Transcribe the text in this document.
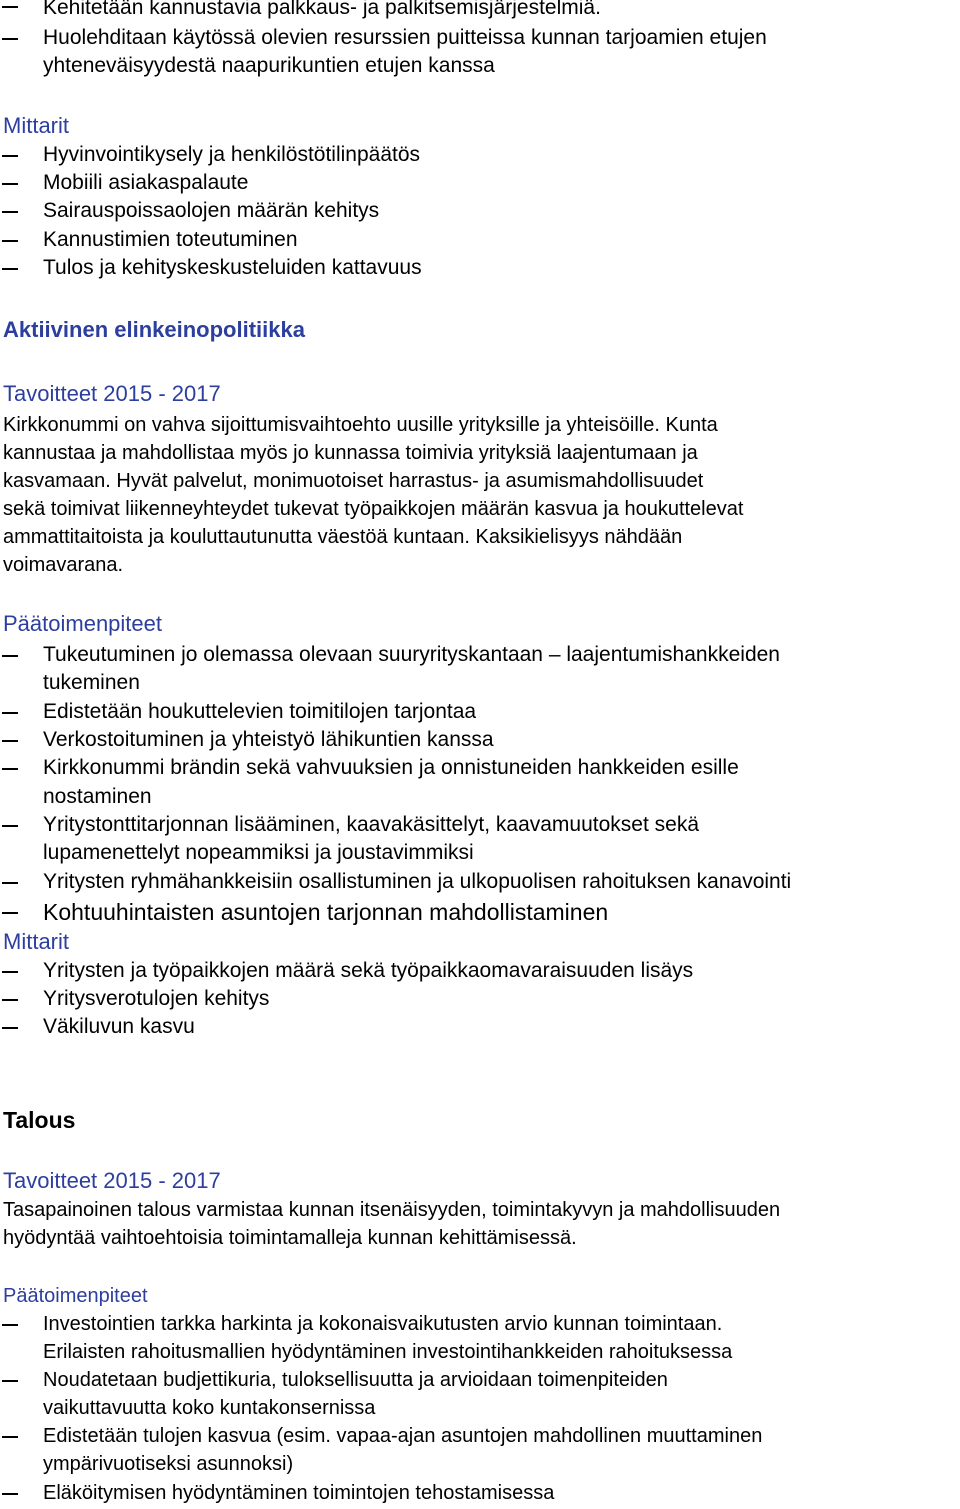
Kehitetään kannustavia palkkaus- ja palkitsemisjärjestelmiä.
Huolehditaan käytössä olevien resurssien puitteissa kunnan tarjoamien etujen
yhteneväisyydestä naapurikuntien etujen kanssa
Mittarit
Hyvinvointikysely ja henkilöstötilinpäätös
Mobiili asiakaspalaute
Sairauspoissaolojen määrän kehitys
Kannustimien toteutuminen
Tulos ja kehityskeskusteluiden kattavuus
Aktiivinen elinkeinopolitiikka
Tavoitteet 2015 - 2017
Kirkkonummi on vahva sijoittumisvaihtoehto uusille yrityksille ja yhteisöille. Kunta
kannustaa ja mahdollistaa myös jo kunnassa toimivia yrityksiä laajentumaan ja
kasvamaan. Hyvät palvelut, monimuotoiset harrastus- ja asumismahdollisuudet
sekä toimivat liikenneyhteydet tukevat työpaikkojen määrän kasvua ja houkuttelevat
ammattitaitoista ja kouluttautunutta väestöä kuntaan. Kaksikielisyys nähdään
voimavarana.
Päätoimenpiteet
Tukeutuminen jo olemassa olevaan suuryrityskantaan – laajentumishankkeiden
tukeminen
Edistetään houkuttelevien toimitilojen tarjontaa
Verkostoituminen ja yhteistyö lähikuntien kanssa
Kirkkonummi brändin sekä vahvuuksien ja onnistuneiden hankkeiden esille
nostaminen
Yritystonttitarjonnan lisääminen, kaavakäsittelyt, kaavamuutokset sekä
lupamenettelyt nopeammiksi ja joustavimmiksi
Yritysten ryhmähankkeisiin osallistuminen ja ulkopuolisen rahoituksen kanavointi
Kohtuuhintaisten asuntojen tarjonnan mahdollistaminen
Mittarit
Yritysten ja työpaikkojen määrä sekä työpaikkaomavaraisuuden lisäys
Yritysverotulojen kehitys
Väkiluvun kasvu
Talous
Tavoitteet 2015 - 2017
Tasapainoinen talous varmistaa kunnan itsenäisyyden, toimintakyvyn ja mahdollisuuden
hyödyntää vaihtoehtoisia toimintamalleja kunnan kehittämisessä.
Päätoimenpiteet
Investointien tarkka harkinta ja kokonaisvaikutusten arvio kunnan toimintaan.
Erilaisten rahoitusmallien hyödyntäminen investointihankkeiden rahoituksessa
Noudatetaan budjettikuria, tuloksellisuutta ja arvioidaan toimenpiteiden
vaikuttavuutta koko kuntakonsernissa
Edistetään tulojen kasvua (esim. vapaa-ajan asuntojen mahdollinen muuttaminen
ympärivuotiseksi asunnoksi)
Eläköitymisen hyödyntäminen toimintojen tehostamisessa
